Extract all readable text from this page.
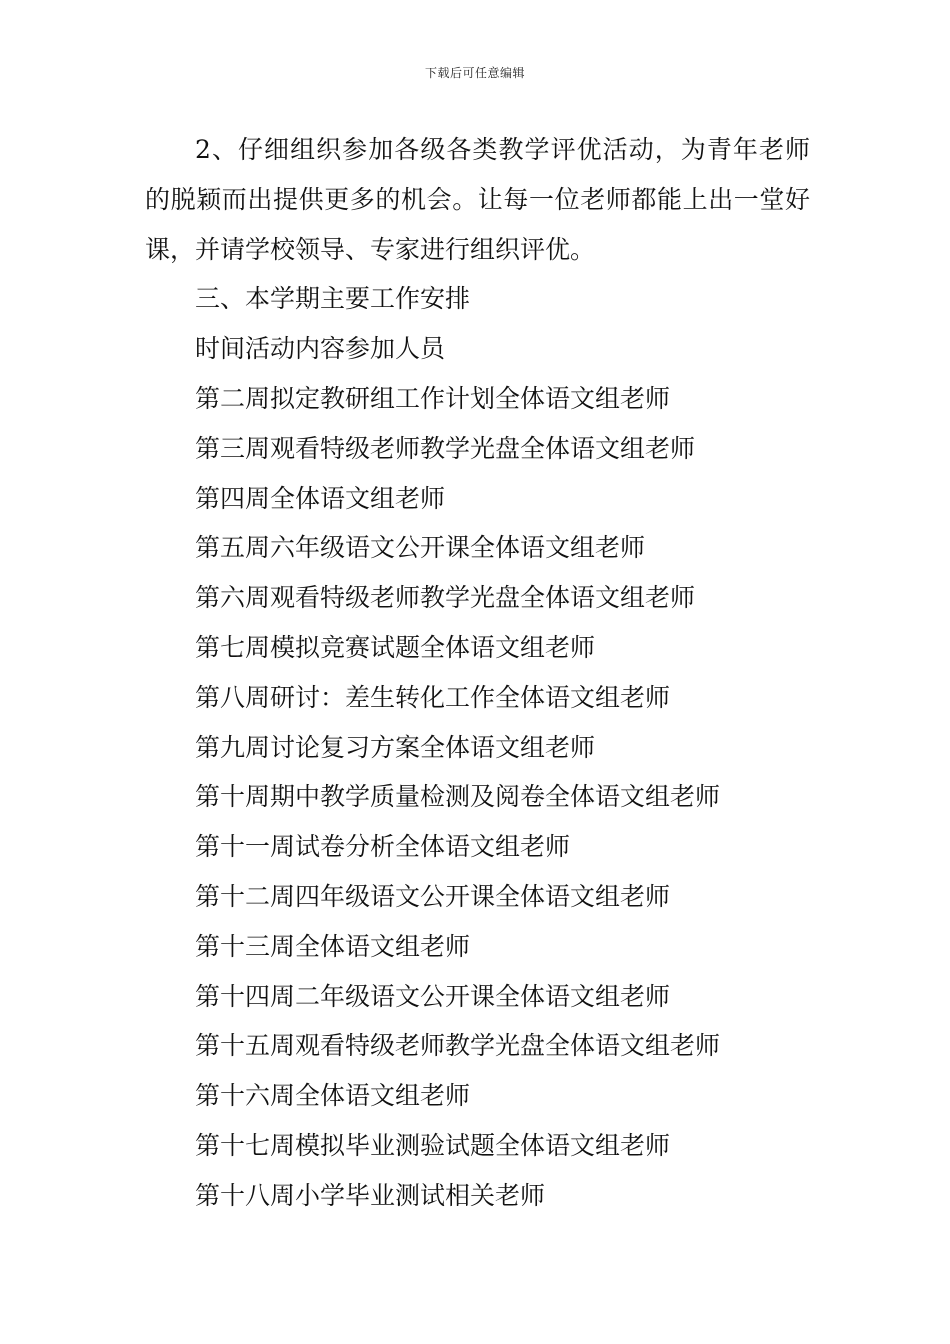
下载后可任意编辑

2、仔细组织参加各级各类教学评优活动，为青年老师的脱颖而出提供更多的机会。让每一位老师都能上出一堂好课，并请学校领导、专家进行组织评优。

三、本学期主要工作安排

时间活动内容参加人员

第二周拟定教研组工作计划全体语文组老师

第三周观看特级老师教学光盘全体语文组老师

第四周全体语文组老师

第五周六年级语文公开课全体语文组老师

第六周观看特级老师教学光盘全体语文组老师

第七周模拟竞赛试题全体语文组老师

第八周研讨：差生转化工作全体语文组老师

第九周讨论复习方案全体语文组老师

第十周期中教学质量检测及阅卷全体语文组老师

第十一周试卷分析全体语文组老师

第十二周四年级语文公开课全体语文组老师

第十三周全体语文组老师

第十四周二年级语文公开课全体语文组老师

第十五周观看特级老师教学光盘全体语文组老师

第十六周全体语文组老师

第十七周模拟毕业测验试题全体语文组老师

第十八周小学毕业测试相关老师
